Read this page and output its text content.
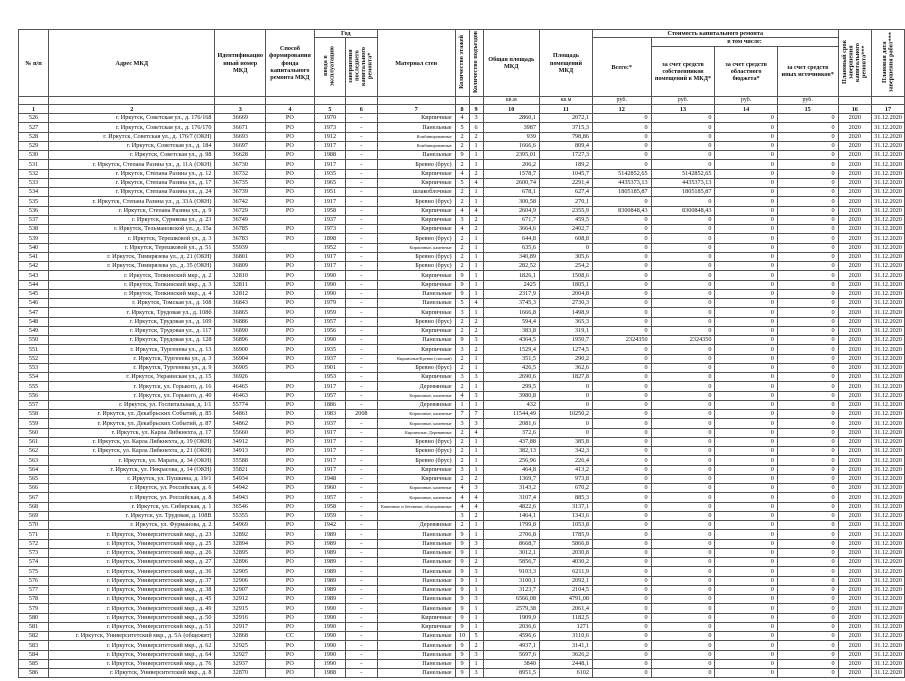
№ п/п	Адрес МКД	Идентификацио нный номер МКД	Способ формирования фонда капитального ремонта МКД	Год		Материал стен	Количество этажей	Количество подъездов	Общая площадь МКД	Площадь помещений МКД	Стоимость капитального ремонта				Плановый срок завершения капитального ремонта***	Плановая дата завершения работ***
				ввода в эксплуатацию	завершения последнего капитального ремонта*						Всего:*	в том числе:				
												за счет средств собственников помещений в МКД*	за счет средств областного бюджета*	за счет средств иных источников*		
									кв.м	кв.м	руб.	руб.	руб.	руб.		
1	2	3	4	5	6	7	8	9	10	11	12	13	14	15	16	17
526	г. Иркутск, Советская ул., д. 176/168	36669	РО	1970	-	Кирпичные	4	3	2860,1	2072,1	0	0	0	0	2020	31.12.2020
527	г. Иркутск, Советская ул., д. 176/170	36671	РО	1973	-	Панельные	5	6	3987	3715,3	0	0	0	0	2020	31.12.2020
528	г. Иркутск, Советская ул., д. 176/7 (ОКН)	36693	РО	1912	-	Комбинированные	2	2	939	798,86	0	0	0	0	2020	31.12.2020
529	г. Иркутск, Советская ул., д. 184	36697	РО	1917	-	Комбинированные	2	1	1666,6	809,4	0	0	0	0	2020	31.12.2020
530	г. Иркутск, Советская ул., д. 98	36628	РО	1988	-	Панельные	9	1	2395,01	1727,3	0	0	0	0	2020	31.12.2020
531	г. Иркутск, Степана Разина ул., д. 11А (ОКН)	36730	РО	1917	-	Бревно (брус)	2	1	206,2	189,2	0	0	0	0	2020	31.12.2020
532	г. Иркутск, Степана Разина ул., д. 12	36732	РО	1935	-	Кирпичные	4	2	1578,7	1045,7	5142852,65	5142852,65	0	0	2020	31.12.2020
533	г. Иркутск, Степана Разина ул., д. 17	36735	РО	1965	-	Кирпичные	5	4	2600,74	2291,4	4435373,13	4435373,13	0	0	2020	31.12.2020
534	г. Иркутск, Степана Разина ул., д. 24	36739	РО	1951	-	шлакоблочные	2	1	678,1	627,4	1805185,87	1805185,87	0	0	2020	31.12.2020
535	г. Иркутск, Степана Разина ул., д. 33А (ОКН)	36742	РО	1917	-	Бревно (брус)	2	1	300,58	270,1	0	0	0	0	2020	31.12.2020
536	г. Иркутск, Степана Разина ул., д. 9	36729	РО	1958	-	Кирпичные	4	4	2604,9	2355,9	8300848,43	8300848,43	0	0	2020	31.12.2020
537	г. Иркутск, Сурикова ул., д. 23	36749		1937	-	Кирпичные	3	2	671,7	459,5	0	0	0	0	2020	31.12.2020
538	г. Иркутск, Тельмановской ул., д. 15а	36785	РО	1973	-	Кирпичные	4	2	3664,6	2402,7	0	0	0	0	2020	31.12.2020
539	г. Иркутск, Терешковой ул., д. 3	36783	РО	1898	-	Бревно (брус)	2	1	644,8	608,8	0	0	0	0	2020	31.12.2020
540	г. Иркутск, Терешковой ул., д. 51	55939		1952	-	Кирпичные, каменные	2	1	635,6	0	0	0	0	0	2020	31.12.2020
541	г. Иркутск, Тимирязева ул., д. 21 (ОКН)	36801	РО	1917	-	Бревно (брус)	2	1	340,89	305,6	0	0	0	0	2020	31.12.2020
542	г. Иркутск, Тимирязева ул., д. 35 (ОКН)	36809	РО	1917	-	Бревно (брус)	2	1	282,52	254,2	0	0	0	0	2020	31.12.2020
543	г. Иркутск, Топкинский мкр., д. 2	32810	РО	1990	-	Кирпичные	9	1	1826,1	1508,6	0	0	0	0	2020	31.12.2020
544	г. Иркутск, Топкинский мкр., д. 3	32811	РО	1990	-	Кирпичные	9	1	2425	1805,1	0	0	0	0	2020	31.12.2020
545	г. Иркутск, Топкинский мкр., д. 4	32812	РО	1990	-	Панельные	9	1	2317,9	2004,8	0	0	0	0	2020	31.12.2020
546	г. Иркутск, Томская ул., д. 108	36843	РО	1979	-	Панельные	5	4	3745,3	2730,3	0	0	0	0	2020	31.12.2020
547	г. Иркутск, Трудовая ул., д. 108б	36865	РО	1959	-	Кирпичные	3	1	1666,8	1498,9	0	0	0	0	2020	31.12.2020
548	г. Иркутск, Трудовая ул., д. 109	36886	РО	1957	-	Бревно (брус)	2	2	594,4	365,3	0	0	0	0	2020	31.12.2020
549	г. Иркутск, Трудовая ул., д. 117	36890	РО	1956	-	Кирпичные	2	2	383,8	319,1	0	0	0	0	2020	31.12.2020
550	г. Иркутск, Трудовая ул., д. 128	36896	РО	1990	-	Панельные	9	3	4364,5	1950,7	2324350	2324350	0	0	2020	31.12.2020
551	г. Иркутск, Тургенева ул., д. 13	36900	РО	1935	-	Кирпичные	3	2	1529,4	1274,5	0	0	0	0	2020	31.12.2020
552	г. Иркутск, Тургенева ул., д. 3	36904	РО	1937	-	Кирпичные/Бревно (смешан)	2	1	351,5	290,2	0	0	0	0	2020	31.12.2020
553	г. Иркутск, Тургенева ул., д. 9	36905	РО	1901	-	Бревно (брус)	2	1	426,5	362,6	0	0	0	0	2020	31.12.2020
554	г. Иркутск, Украинская ул., д. 15	36926		1953	-	Кирпичные	3	3	2690,6	1827,8	0	0	0	0	2020	31.12.2020
555	г. Иркутск, ул. Горького, д. 16	46465	РО	1917	-	Деревянные	2	1	299,5	0	0	0	0	0	2020	31.12.2020
556	г. Иркутск, ул. Горького, д. 40	46463	РО	1957	-	Кирпичные, каменные	4	3	3980,8	0	0	0	0	0	2020	31.12.2020
557	г. Иркутск, ул. Госпитальная, д. 1/1	55774	РО	1886	-	Деревянные	1	1	432	0	0	0	0	0	2020	31.12.2020
558	г. Иркутск, ул. Декабрьских Событий, д. 85	54861	РО	1983	2008	Кирпичные, каменные	7	7	11544,49	10250,2	0	0	0	0	2020	31.12.2020
559	г. Иркутск, ул. Декабрьских Событий, д. 87	54862	РО	1937	-	Кирпичные, каменные	3	3	2081,6	0	0	0	0	0	2020	31.12.2020
560	г. Иркутск, ул. Карла Либкнехта, д. 17	55660	РО	1917	-	Кирпичные, Деревянные	2	4	372,6	0	0	0	0	0	2020	31.12.2020
561	г. Иркутск, ул. Карла Либкнехта, д. 19 (ОКН)	34912	РО	1917	-	Бревно (брус)	2	1	437,88	385,8	0	0	0	0	2020	31.12.2020
562	г. Иркутск, ул. Карла Либкнехта, д. 21 (ОКН)	34913	РО	1917	-	Бревно (брус)	2	1	382,13	342,3	0	0	0	0	2020	31.12.2020
563	г. Иркутск, ул. Марата, д. 34 (ОКН)	35588	РО	1917	-	Бревно (брус)	2	1	256,96	226,4	0	0	0	0	2020	31.12.2020
564	г. Иркутск, ул. Некрасова, д. 14 (ОКН)	35821	РО	1917	-	Кирпичные	3	1	464,8	413,2	0	0	0	0	2020	31.12.2020
565	г. Иркутск, ул. Пушкина, д. 19/1	54934	РО	1948	-	Кирпичные	2	2	1369,7	973,8	0	0	0	0	2020	31.12.2020
566	г. Иркутск, ул. Российская, д. 6	54942	РО	1960	-	Кирпичные, каменные	4	3	3143,2	670,2	0	0	0	0	2020	31.12.2020
567	г. Иркутск, ул. Российская, д. 8	54943	РО	1957	-	Кирпичные, каменные	4	4	3107,4	885,3	0	0	0	0	2020	31.12.2020
568	г. Иркутск, ул. Сибирская, д. 1	36546	РО	1958	-	Каменные и бетонные, облицованные	4	4	4822,6	3137,1	0	0	0	0	2020	31.12.2020
569	г. Иркутск, ул. Трудовая, д. 108В	55355	РО	1959	-		3	2	1464,1	1343,6	0	0	0	0	2020	31.12.2020
570	г. Иркутск, ул. Фурманова, д. 2	54969	РО	1942	-	Деревянные	2	1	1799,8	1053,8	0	0	0	0	2020	31.12.2020
571	г. Иркутск, Университетский мкр., д. 23	32892	РО	1989	-	Панельные	9	1	2706,8	1785,9	0	0	0	0	2020	31.12.2020
572	г. Иркутск, Университетский мкр., д. 25	32894	РО	1989	-	Панельные	9	3	8668,7	5866,8	0	0	0	0	2020	31.12.2020
573	г. Иркутск, Университетский мкр., д. 26	32895	РО	1989	-	Панельные	9	1	3012,1	2030,8	0	0	0	0	2020	31.12.2020
574	г. Иркутск, Университетский мкр., д. 27	32896	РО	1989	-	Панельные	9	2	5856,7	4030,2	0	0	0	0	2020	31.12.2020
575	г. Иркутск, Университетский мкр., д. 36	32905	РО	1989	-	Панельные	9	3	9103,3	6211,9	0	0	0	0	2020	31.12.2020
576	г. Иркутск, Университетский мкр., д. 37	32906	РО	1989	-	Панельные	9	1	3100,1	2092,1	0	0	0	0	2020	31.12.2020
577	г. Иркутск, Университетский мкр., д. 38	32907	РО	1989	-	Панельные	9	1	3123,7	2104,5	0	0	0	0	2020	31.12.2020
578	г. Иркутск, Университетский мкр., д. 45	32912	РО	1989	-	Панельные	9	3	6566,08	4791,08	0	0	0	0	2020	31.12.2020
579	г. Иркутск, Университетский мкр., д. 49	32915	РО	1990	-	Панельные	9	1	2579,38	2061,4	0	0	0	0	2020	31.12.2020
580	г. Иркутск, Университетский мкр., д. 50	32916	РО	1990	-	Кирпичные	9	1	1909,9	1182,5	0	0	0	0	2020	31.12.2020
581	г. Иркутск, Университетский мкр., д. 51	32917	РО	1990	-	Кирпичные	9	1	2036,6	1271	0	0	0	0	2020	31.12.2020
582	г. Иркутск, Университетский мкр., д. 5А (общежит)	32868	СС	1990	-	Панельные	10	5	4596,6	3110,6	0	0	0	0	2020	31.12.2020
583	г. Иркутск, Университетский мкр., д. 62	32925	РО	1990	-	Панельные	9	2	4937,1	3141,1	0	0	0	0	2020	31.12.2020
584	г. Иркутск, Университетский мкр., д. 64	32927	РО	1990	-	Панельные	9	3	5697,6	3626,2	0	0	0	0	2020	31.12.2020
585	г. Иркутск, Университетский мкр., д. 76	32937	РО	1990	-	Панельные	9	1	3840	2448,1	0	0	0	0	2020	31.12.2020
586	г. Иркутск, Университетский мкр., д. 8	32870	РО	1988	-	Панельные	9	3	8951,5	6102	0	0	0	0	2020	31.12.2020
